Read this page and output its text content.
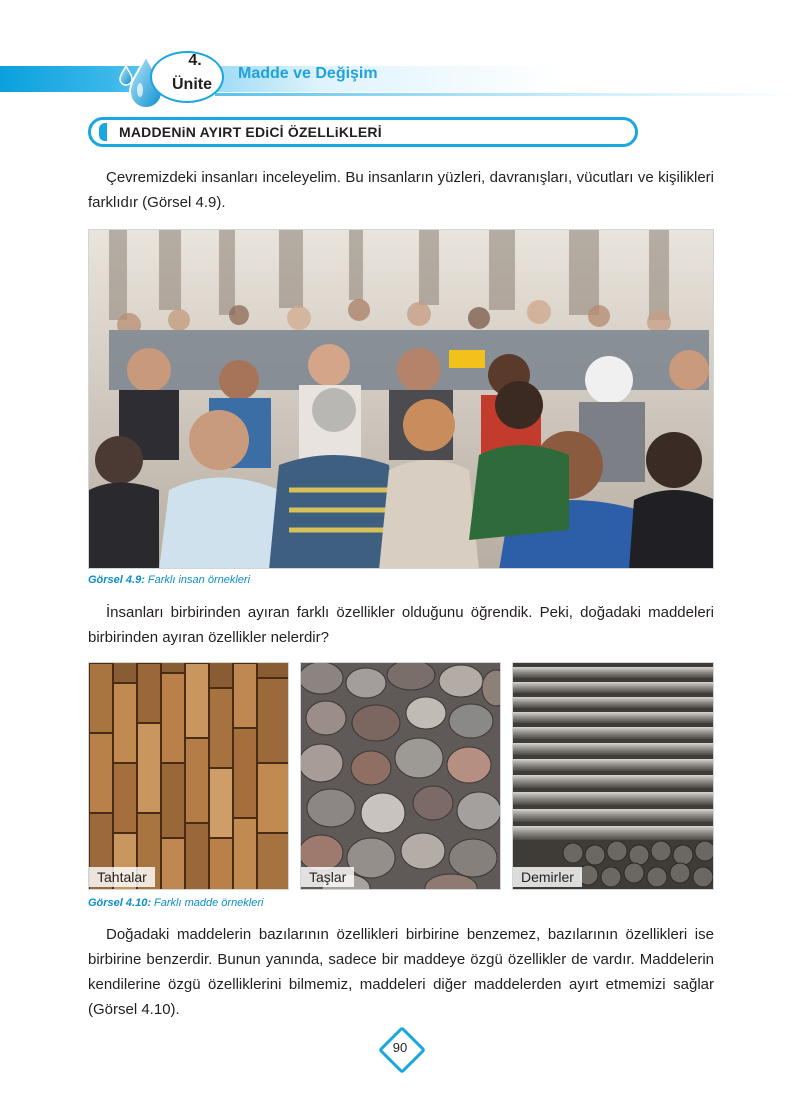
4.
Ünite
Madde ve Değişim
MADDENiN AYIRT EDiCİ ÖZELLiKLERİ

Çevremizdeki insanları inceleyelim. Bu insanların yüzleri, davranışları, vücutları ve kişilikleri farklıdır (Görsel 4.9).

Görsel 4.9: Farklı insan örnekleri

İnsanları birbirinden ayıran farklı özellikler olduğunu öğrendik. Peki, doğadaki maddeleri birbirinden ayıran özellikler nelerdir?

Tahtalar	Taşlar	Demirler
Görsel 4.10: Farklı madde örnekleri

Doğadaki maddelerin bazılarının özellikleri birbirine benzemez, bazılarının özellikleri ise birbirine benzerdir. Bunun yanında, sadece bir maddeye özgü özellikler de vardır. Maddelerin kendilerine özgü özelliklerini bilmemiz, maddeleri diğer maddelerden ayırt etmemizi sağlar (Görsel 4.10).

90
